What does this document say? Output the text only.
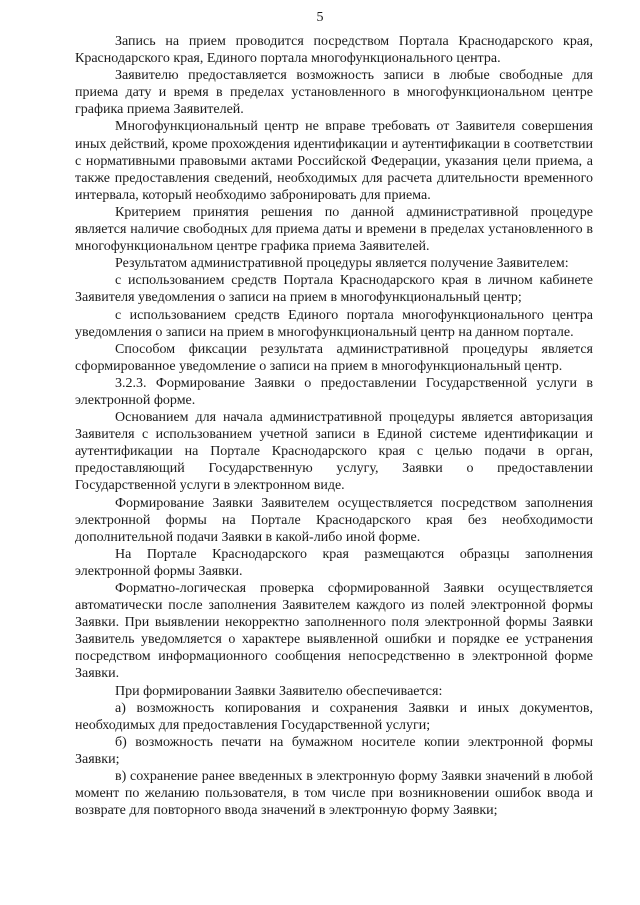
5

Запись на прием проводится посредством Портала Краснодарского края, Краснодарского края, Единого портала многофункционального центра.

Заявителю предоставляется возможность записи в любые свободные для приема дату и время в пределах установленного в многофункциональном центре графика приема Заявителей.

Многофункциональный центр не вправе требовать от Заявителя совершения иных действий, кроме прохождения идентификации и аутентификации в соответствии с нормативными правовыми актами Российской Федерации, указания цели приема, а также предоставления сведений, необходимых для расчета длительности временного интервала, который необходимо забронировать для приема.

Критерием принятия решения по данной административной процедуре является наличие свободных для приема даты и времени в пределах установленного в многофункциональном центре графика приема Заявителей.

Результатом административной процедуры является получение Заявителем:

с использованием средств Портала Краснодарского края в личном кабинете Заявителя уведомления о записи на прием в многофункциональный центр;

с использованием средств Единого портала многофункционального центра уведомления о записи на прием в многофункциональный центр на данном портале.

Способом фиксации результата административной процедуры является сформированное уведомление о записи на прием в многофункциональный центр.

3.2.3. Формирование Заявки о предоставлении Государственной услуги в электронной форме.

Основанием для начала административной процедуры является авторизация Заявителя с использованием учетной записи в Единой системе идентификации и аутентификации на Портале Краснодарского края с целью подачи в орган, предоставляющий Государственную услугу, Заявки о предоставлении Государственной услуги в электронном виде.

Формирование Заявки Заявителем осуществляется посредством заполнения электронной формы на Портале Краснодарского края без необходимости дополнительной подачи Заявки в какой-либо иной форме.

На Портале Краснодарского края размещаются образцы заполнения электронной формы Заявки.

Форматно-логическая проверка сформированной Заявки осуществляется автоматически после заполнения Заявителем каждого из полей электронной формы Заявки. При выявлении некорректно заполненного поля электронной формы Заявки Заявитель уведомляется о характере выявленной ошибки и порядке ее устранения посредством информационного сообщения непосредственно в электронной форме Заявки.

При формировании Заявки Заявителю обеспечивается:

а) возможность копирования и сохранения Заявки и иных документов, необходимых для предоставления Государственной услуги;

б) возможность печати на бумажном носителе копии электронной формы Заявки;

в) сохранение ранее введенных в электронную форму Заявки значений в любой момент по желанию пользователя, в том числе при возникновении ошибок ввода и возврате для повторного ввода значений в электронную форму Заявки;
